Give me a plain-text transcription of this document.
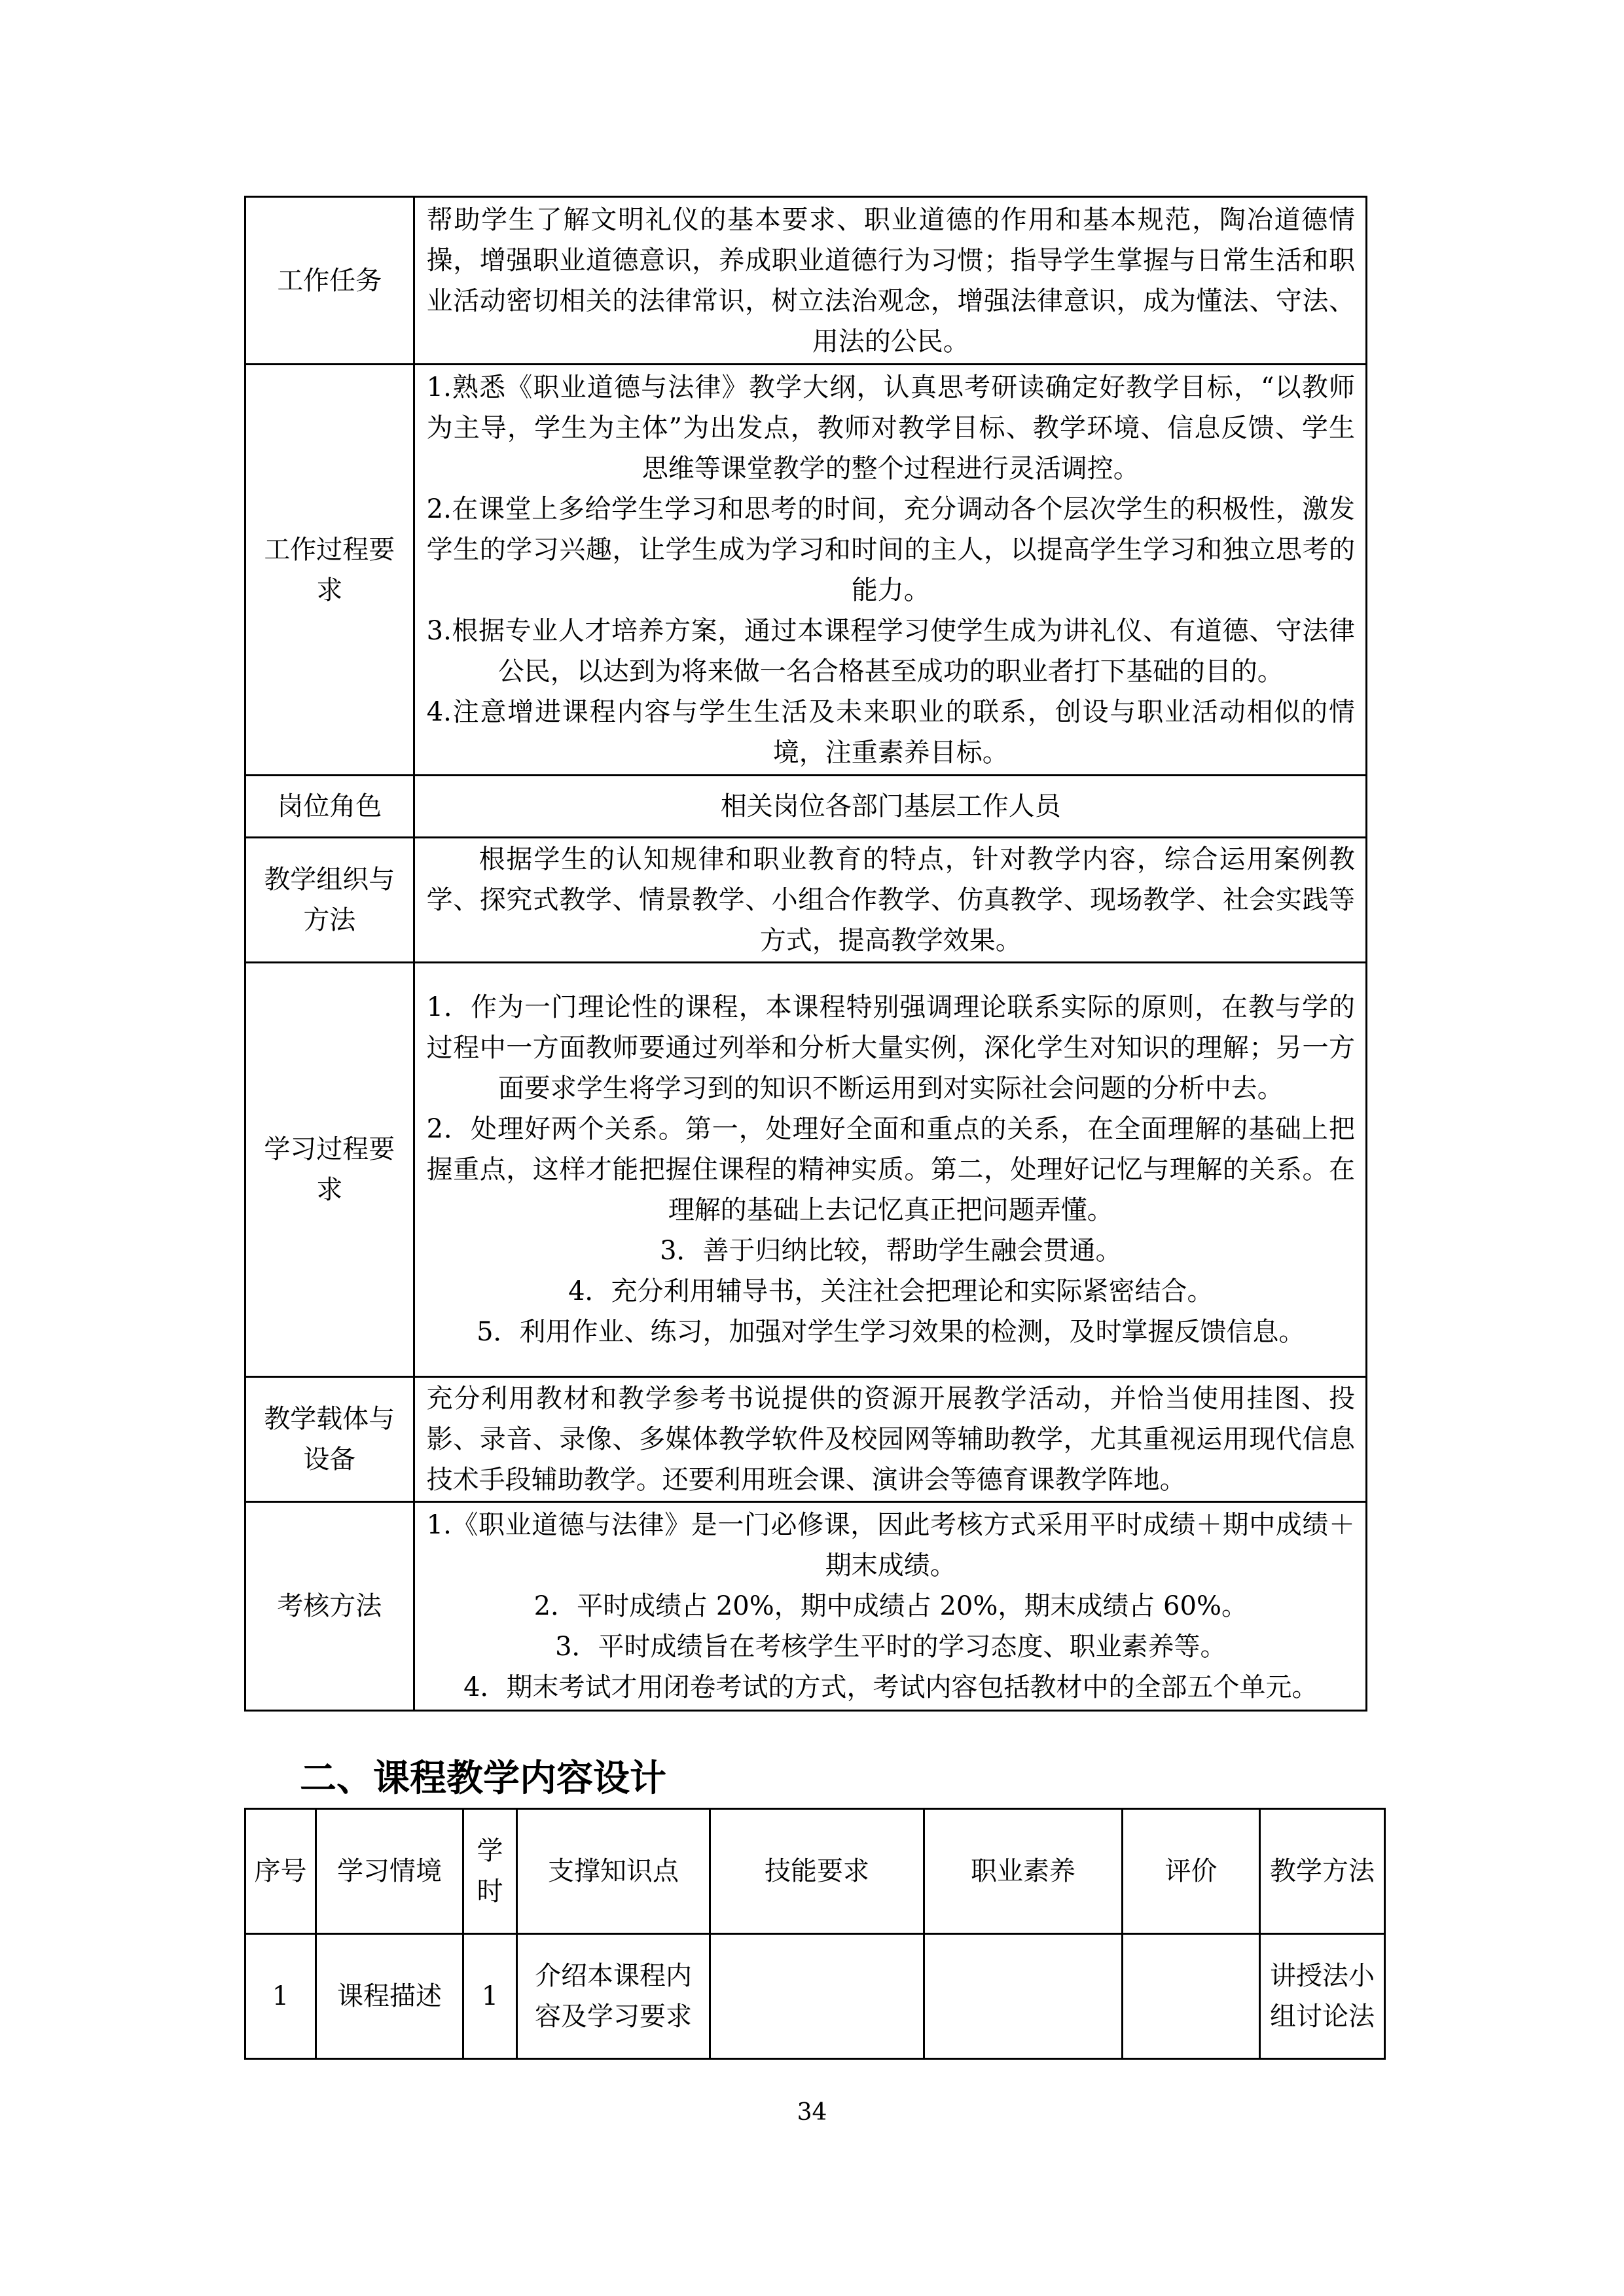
工作任务	帮助学生了解文明礼仪的基本要求、职业道德的作用和基本规范，陶冶道德情操，增强职业道德意识，养成职业道德行为习惯；指导学生掌握与日常生活和职业活动密切相关的法律常识，树立法治观念，增强法律意识，成为懂法、守法、用法的公民。

工作过程要求	1.熟悉《职业道德与法律》教学大纲，认真思考研读确定好教学目标，“以教师为主导，学生为主体”为出发点，教师对教学目标、教学环境、信息反馈、学生思维等课堂教学的整个过程进行灵活调控。
2.在课堂上多给学生学习和思考的时间，充分调动各个层次学生的积极性，激发学生的学习兴趣，让学生成为学习和时间的主人，以提高学生学习和独立思考的能力。
3.根据专业人才培养方案，通过本课程学习使学生成为讲礼仪、有道德、守法律公民，以达到为将来做一名合格甚至成功的职业者打下基础的目的。
4.注意增进课程内容与学生生活及未来职业的联系，创设与职业活动相似的情境，注重素养目标。

岗位角色	相关岗位各部门基层工作人员

教学组织与方法	根据学生的认知规律和职业教育的特点，针对教学内容，综合运用案例教学、探究式教学、情景教学、小组合作教学、仿真教学、现场教学、社会实践等方式，提高教学效果。

学习过程要求	1．作为一门理论性的课程，本课程特别强调理论联系实际的原则，在教与学的过程中一方面教师要通过列举和分析大量实例，深化学生对知识的理解；另一方面要求学生将学习到的知识不断运用到对实际社会问题的分析中去。
2．处理好两个关系。第一，处理好全面和重点的关系，在全面理解的基础上把握重点，这样才能把握住课程的精神实质。第二，处理好记忆与理解的关系。在理解的基础上去记忆真正把问题弄懂。
3．善于归纳比较，帮助学生融会贯通。
4．充分利用辅导书，关注社会把理论和实际紧密结合。
5．利用作业、练习，加强对学生学习效果的检测，及时掌握反馈信息。

教学载体与设备	充分利用教材和教学参考书说提供的资源开展教学活动，并恰当使用挂图、投影、录音、录像、多媒体教学软件及校园网等辅助教学，尤其重视运用现代信息技术手段辅助教学。还要利用班会课、演讲会等德育课教学阵地。

考核方法	1.《职业道德与法律》是一门必修课，因此考核方式采用平时成绩＋期中成绩＋期末成绩。
2．平时成绩占 20%，期中成绩占 20%，期末成绩占 60%。
3．平时成绩旨在考核学生平时的学习态度、职业素养等。
4．期末考试才用闭卷考试的方式，考试内容包括教材中的全部五个单元。
二、课程教学内容设计
序号	学习情境	学时	支撑知识点	技能要求	职业素养	评价	教学方法
1	课程描述	1	介绍本课程内容及学习要求				讲授法小组讨论法
34
